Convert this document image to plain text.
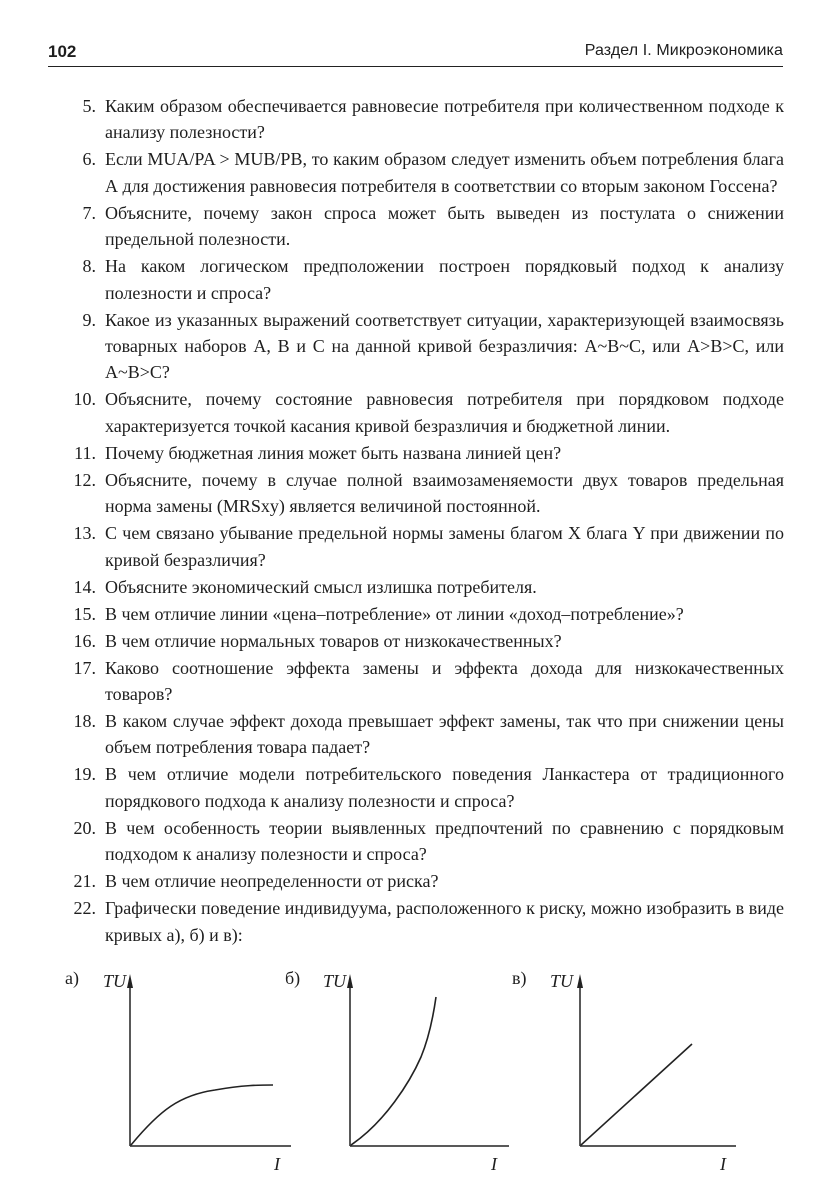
102	Раздел I. Микроэкономика
5. Каким образом обеспечивается равновесие потребителя при количественном подходе к анализу полезности?
6. Если MUA/PA > MUB/PB, то каким образом следует изменить объем потребления блага А для достижения равновесия потребителя в соответствии со вторым законом Госсена?
7. Объясните, почему закон спроса может быть выведен из постулата о снижении предельной полезности.
8. На каком логическом предположении построен порядковый подход к анализу полезности и спроса?
9. Какое из указанных выражений соответствует ситуации, характеризующей взаимосвязь товарных наборов А, В и С на данной кривой безразличия: А~В~С, или А>В>С, или А~В>С?
10. Объясните, почему состояние равновесия потребителя при порядковом подходе характеризуется точкой касания кривой безразличия и бюджетной линии.
11. Почему бюджетная линия может быть названа линией цен?
12. Объясните, почему в случае полной взаимозаменяемости двух товаров предельная норма замены (MRSxy) является величиной постоянной.
13. С чем связано убывание предельной нормы замены благом X блага Y при движении по кривой безразличия?
14. Объясните экономический смысл излишка потребителя.
15. В чем отличие линии «цена–потребление» от линии «доход–потребление»?
16. В чем отличие нормальных товаров от низкокачественных?
17. Каково соотношение эффекта замены и эффекта дохода для низкокачественных товаров?
18. В каком случае эффект дохода превышает эффект замены, так что при снижении цены объем потребления товара падает?
19. В чем отличие модели потребительского поведения Ланкастера от традиционного порядкового подхода к анализу полезности и спроса?
20. В чем особенность теории выявленных предпочтений по сравнению с порядковым подходом к анализу полезности и спроса?
21. В чем отличие неопределенности от риска?
22. Графически поведение индивидуума, расположенного к риску, можно изобразить в виде кривых а), б) и в):
а) TU
I
б) TU
I
в) TU
I
